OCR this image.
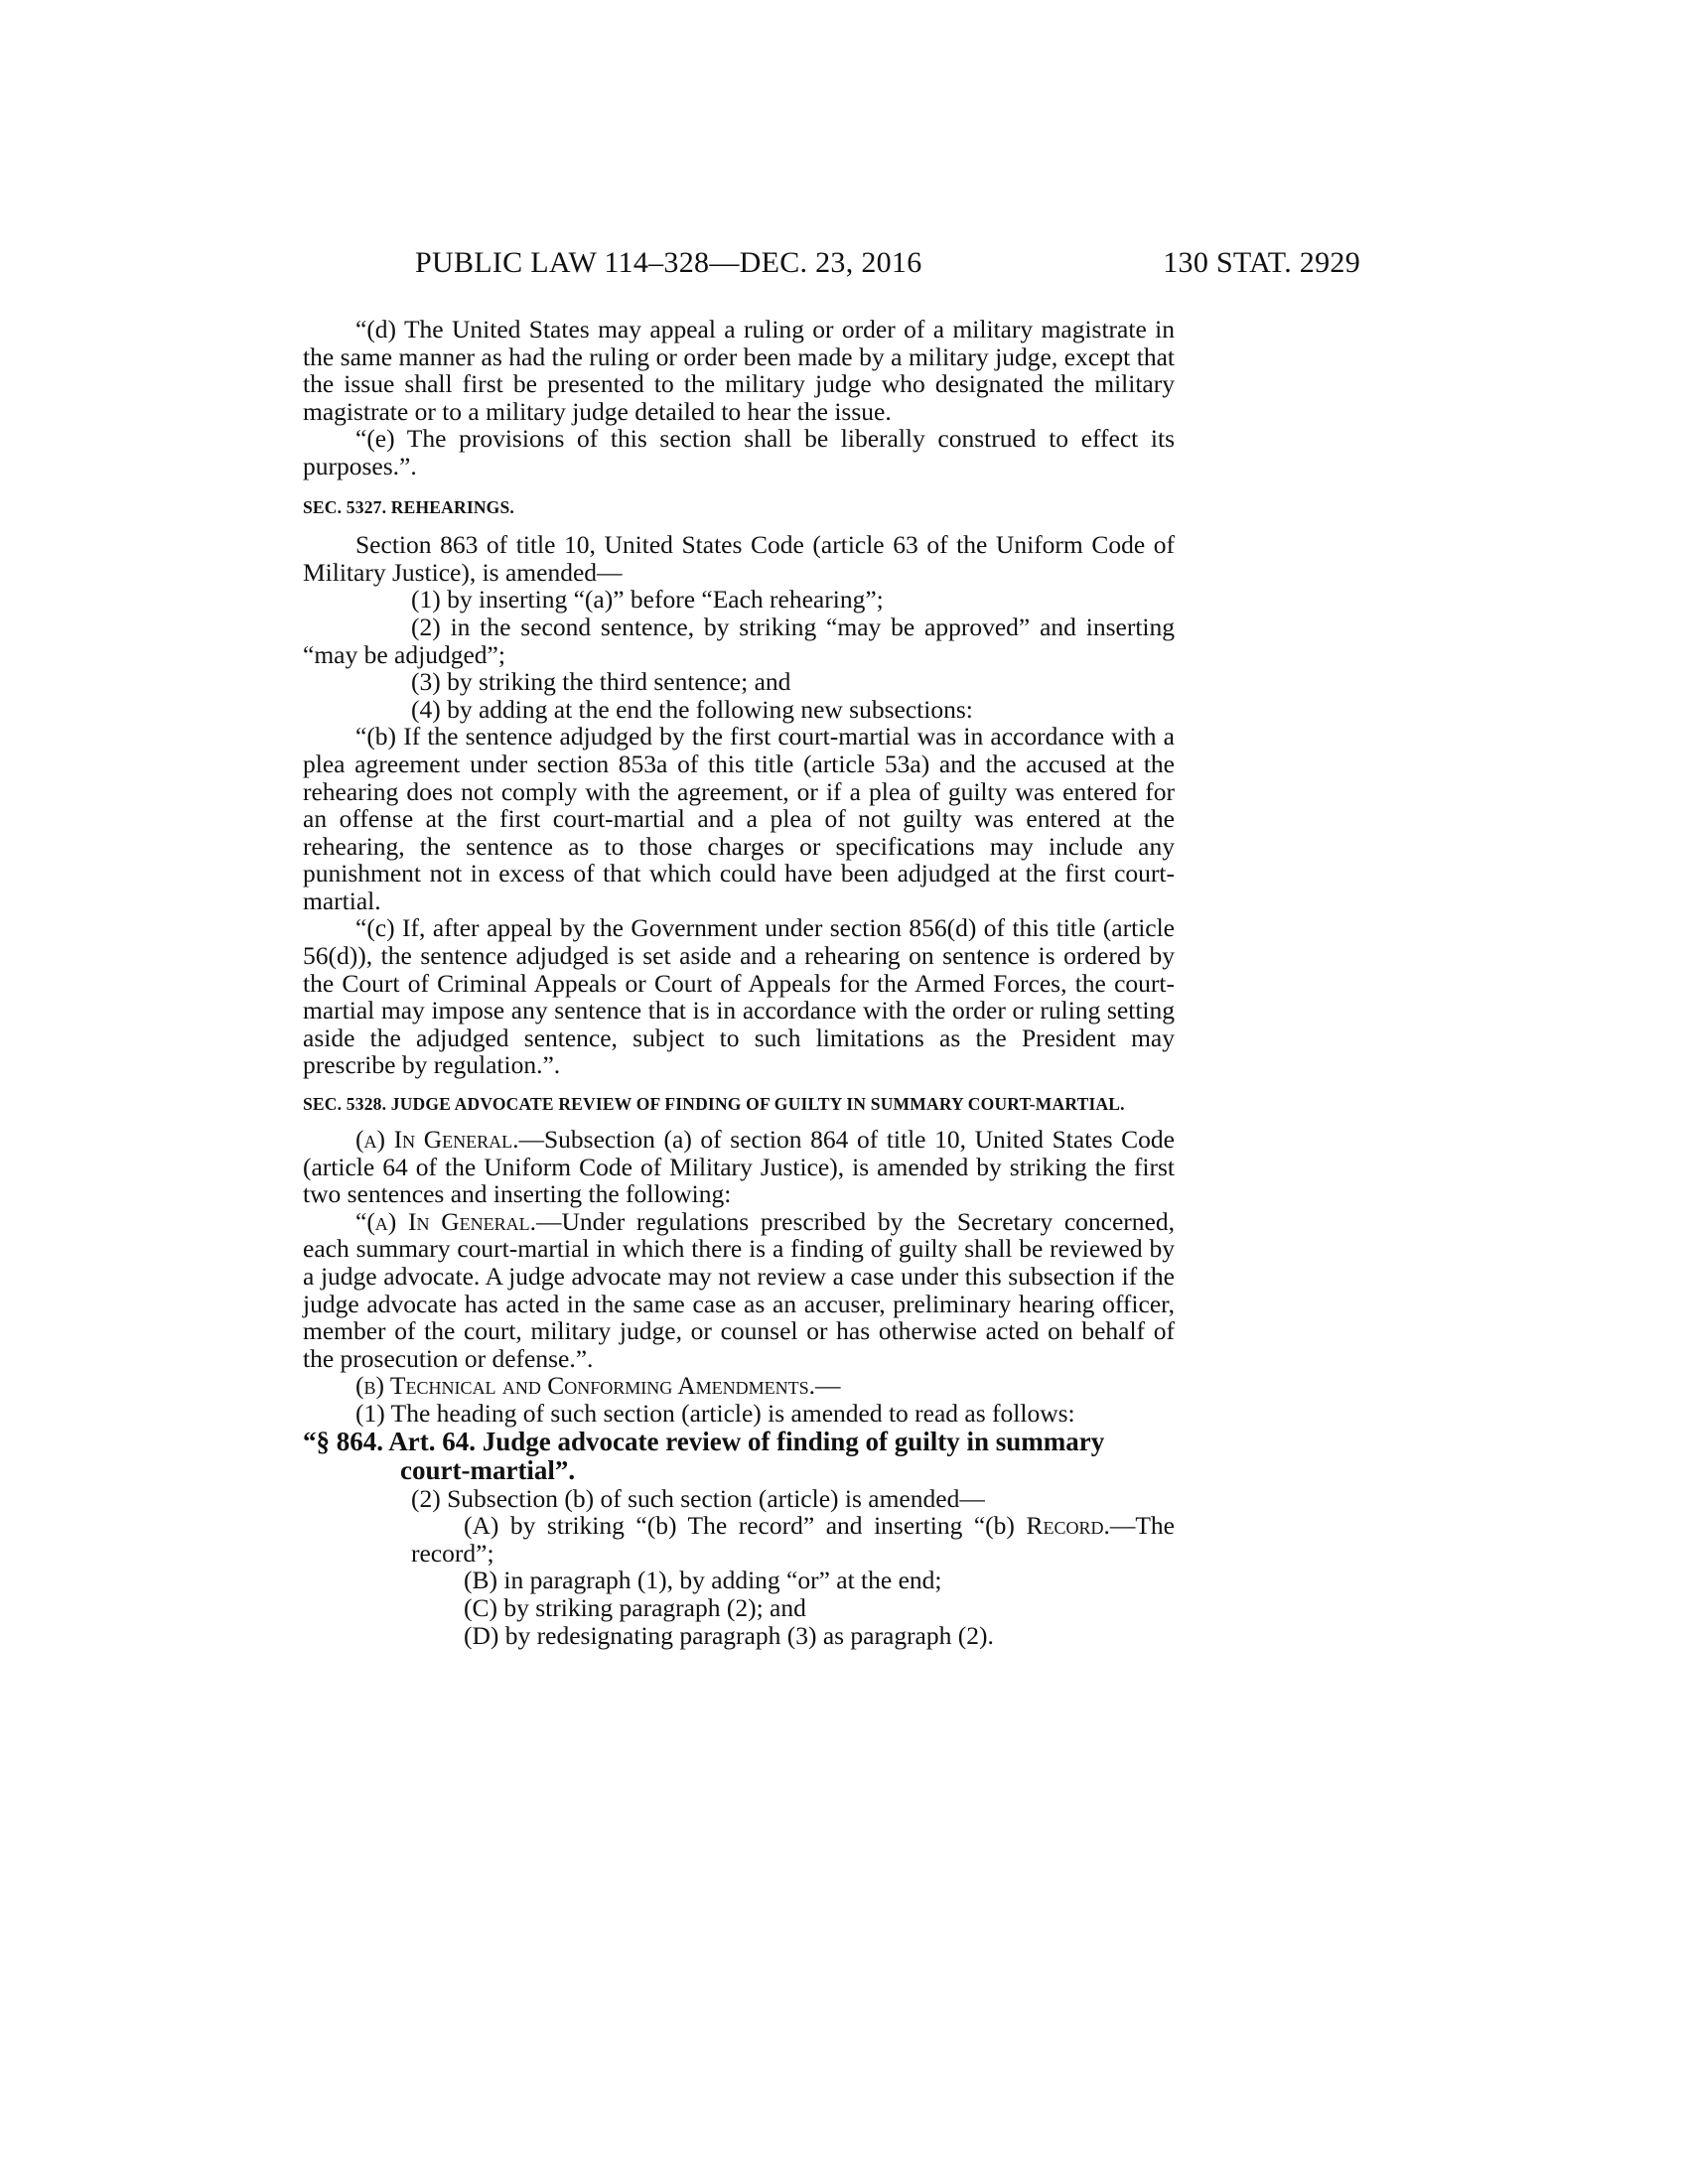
PUBLIC LAW 114–328—DEC. 23, 2016	130 STAT. 2929

“(d) The United States may appeal a ruling or order of a military magistrate in the same manner as had the ruling or order been made by a military judge, except that the issue shall first be presented to the military judge who designated the military magistrate or to a military judge detailed to hear the issue.

“(e) The provisions of this section shall be liberally construed to effect its purposes.”.

SEC. 5327. REHEARINGS.

Section 863 of title 10, United States Code (article 63 of the Uniform Code of Military Justice), is amended—

(1) by inserting “(a)” before “Each rehearing”;

(2) in the second sentence, by striking “may be approved” and inserting “may be adjudged”;

(3) by striking the third sentence; and

(4) by adding at the end the following new subsections:

“(b) If the sentence adjudged by the first court-martial was in accordance with a plea agreement under section 853a of this title (article 53a) and the accused at the rehearing does not comply with the agreement, or if a plea of guilty was entered for an offense at the first court-martial and a plea of not guilty was entered at the rehearing, the sentence as to those charges or specifications may include any punishment not in excess of that which could have been adjudged at the first court-martial.

“(c) If, after appeal by the Government under section 856(d) of this title (article 56(d)), the sentence adjudged is set aside and a rehearing on sentence is ordered by the Court of Criminal Appeals or Court of Appeals for the Armed Forces, the court-martial may impose any sentence that is in accordance with the order or ruling setting aside the adjudged sentence, subject to such limitations as the President may prescribe by regulation.”.

SEC. 5328. JUDGE ADVOCATE REVIEW OF FINDING OF GUILTY IN SUMMARY COURT-MARTIAL.

(a) In General.—Subsection (a) of section 864 of title 10, United States Code (article 64 of the Uniform Code of Military Justice), is amended by striking the first two sentences and inserting the following:

“(a) In General.—Under regulations prescribed by the Secretary concerned, each summary court-martial in which there is a finding of guilty shall be reviewed by a judge advocate. A judge advocate may not review a case under this subsection if the judge advocate has acted in the same case as an accuser, preliminary hearing officer, member of the court, military judge, or counsel or has otherwise acted on behalf of the prosecution or defense.”.

(b) Technical and Conforming Amendments.—

(1) The heading of such section (article) is amended to read as follows:

“§ 864. Art. 64. Judge advocate review of finding of guilty in summary court-martial”.

(2) Subsection (b) of such section (article) is amended—

(A) by striking “(b) The record” and inserting “(b) Record.—The record”;

(B) in paragraph (1), by adding “or” at the end;

(C) by striking paragraph (2); and

(D) by redesignating paragraph (3) as paragraph (2).
